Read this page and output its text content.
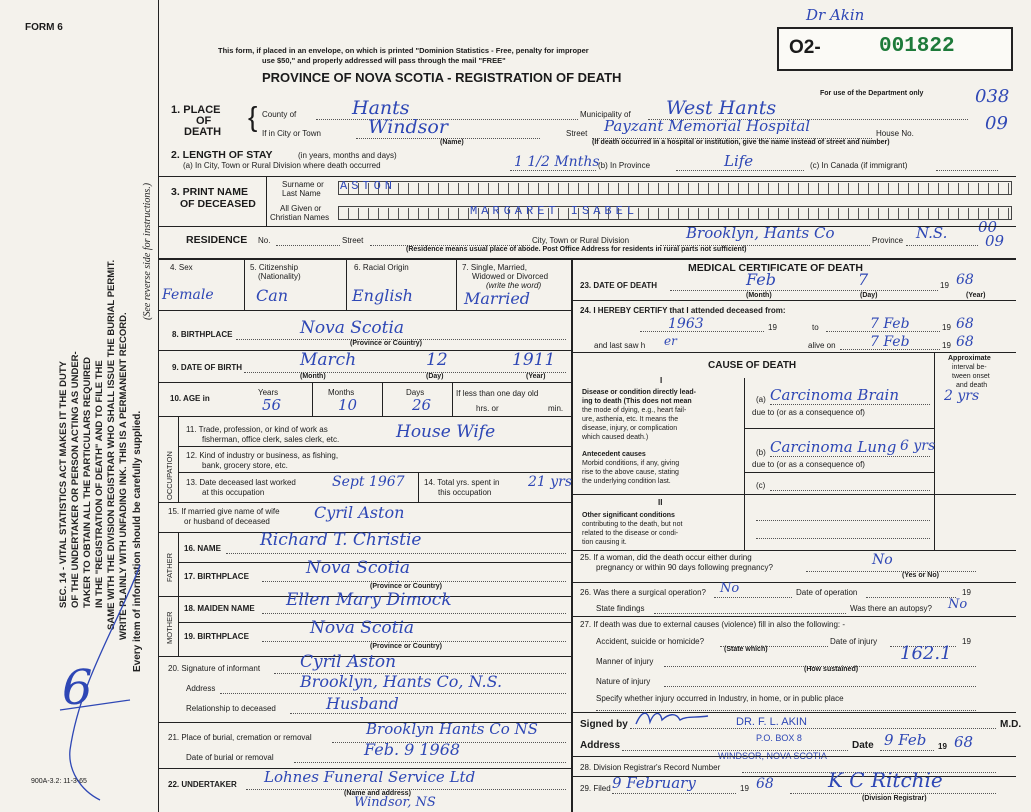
FORM 6
Dr Akin
This form, if placed in an envelope, on which is printed "Dominion Statistics - Free, penalty for improper
use $50," and properly addressed will pass through the mail "FREE"
PROVINCE OF NOVA SCOTIA - REGISTRATION OF DEATH
O2-	001822
For use of the Department only	038
09
00
09
SEC. 14 - VITAL STATISTICS ACT MAKES IT THE DUTY OF THE UNDERTAKER OR PERSON ACTING AS UNDER- TAKER TO OBTAIN ALL THE PARTICULARS REQUIRED IN THE "REGISTRATION OF DEATH" AND TO FILE THE SAME WITH THE DIVISION REGISTRAR WHO SHALL ISSUE THE BURIAL PERMIT. WRITE PLAINLY WITH UNFADING INK. THIS IS A PERMANENT RECORD. Every item of information should be carefully supplied.
(See reverse side for instructions.)
6
1. PLACE
OF
DEATH { County of	Hants	Municipality of West Hants
If in City or Town Windsor	Street Payzant Memorial Hospital	House No.
(Name)	(If death occurred in a hospital or institution, give the name instead of street and number)
2. LENGTH OF STAY	(in years, months and days)
(a) In City, Town or Rural Division where death occurred	1 1/2 Mnths
(b) In Province	Life	(c) In Canada (if immigrant)
3. PRINT NAME
OF DECEASED
Surname or
Last Name
All Given or
Christian Names
ASTON
MARGARET ISABEL
RESIDENCE No.	Street	City, Town or Rural Division	Brooklyn, Hants Co	Province N.S.
(Residence means usual place of abode. Post Office Address for residents in rural parts not sufficient)
4. Sex
Female
5. Citizenship
(Nationality)
Can
6. Racial Origin
English
7. Single, Married,
Widowed or Divorced
(write the word)
Married
8. BIRTHPLACE	Nova Scotia
(Province or Country)
9. DATE OF BIRTH	March	12	1911
(Month)	(Day)	(Year)
10. AGE in
Years	Months	Days
56	10	26
If less than one day old
hrs. or	min.
OCCUPATION
11. Trade, profession, or kind of work as
fisherman, office clerk, sales clerk, etc.	House Wife
12. Kind of industry or business, as fishing,
bank, grocery store, etc.
13. Date deceased last worked
at this occupation
Sept 1967 14. Total yrs. spent in
this occupation
21 yrs
15. If married give name of wife
or husband of deceased	Cyril Aston
FATHER
16. NAME Richard T. Christie
17. BIRTHPLACE	Nova Scotia
(Province or Country)
MOTHER
18. MAIDEN NAME Ellen Mary Dimock
19. BIRTHPLACE	Nova Scotia
(Province or Country)
20. Signature of informant Cyril Aston
Address	Brooklyn, Hants Co, N.S.
Relationship to deceased	Husband
21. Place of burial, cremation or removal	Brooklyn Hants Co NS
Date of burial or removal	Feb. 9 1968
22. UNDERTAKER Lohnes Funeral Service Ltd
(Name and address)
Windsor, NS
900A-3.2: 11-3-65
MEDICAL CERTIFICATE OF DEATH
23. DATE OF DEATH	Feb	7	19 68
(Month)	(Day)	(Year)
24. I HEREBY CERTIFY that I attended deceased from:
1963	19	to	7 Feb	19 68
and last saw h er	alive on 7 Feb	19 68
CAUSE OF DEATH
Approximate
interval be-
tween onset
and death
I
Disease or condition directly lead-
ing to death (This does not mean
the mode of dying, e.g., heart fail-
ure, asthenia, etc. It means the
disease, injury, or complication
which caused death.)
(a) Carcinoma Brain	2 yrs
due to (or as a consequence of)
Antecedent causes
Morbid conditions, if any, giving
rise to the above cause, stating
the underlying condition last.
(b) Carcinoma Lung 6 yrs
due to (or as a consequence of)
(c)
II
Other significant conditions
contributing to the death, but not
related to the disease or condi-
tion causing it.
25. If a woman, did the death occur either during
pregnancy or within 90 days following pregnancy?	No
(Yes or No)
26. Was there a surgical operation? No	Date of operation	19
State findings	Was there an autopsy? No
27. If death was due to external causes (violence) fill in also the following: -
Accident, suicide or homicide?	Date of injury	19
(State which)
Manner of injury	162.1
(How sustained)
Nature of injury
Specify whether injury occurred in Industry, in home, or in public place
Signed by	DR. F. L. AKIN	M.D.
P.O. BOX 8
Address	Date 9 Feb 19 68
WINDSOR, NOVA SCOTIA
28. Division Registrar's Record Number
29. Filed 9 February	19 68	K C Ritchie
(Division Registrar)
